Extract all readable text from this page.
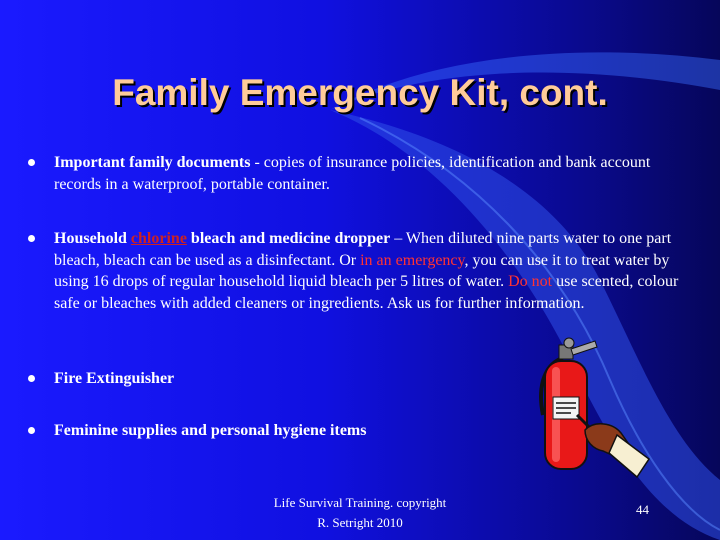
Family Emergency Kit, cont.
Important family documents - copies of insurance policies, identification and bank account records in a waterproof, portable container.
Household chlorine bleach and medicine dropper – When diluted nine parts water to one part bleach, bleach can be used as a disinfectant. Or in an emergency, you can use it to treat water by using 16 drops of regular household liquid bleach per 5 litres of water. Do not use scented, colour safe or bleaches with added cleaners or ingredients. Ask us for further information.
Fire Extinguisher
Feminine supplies and personal hygiene items
Life Survival Training. copyright
R. Setright 2010
44
